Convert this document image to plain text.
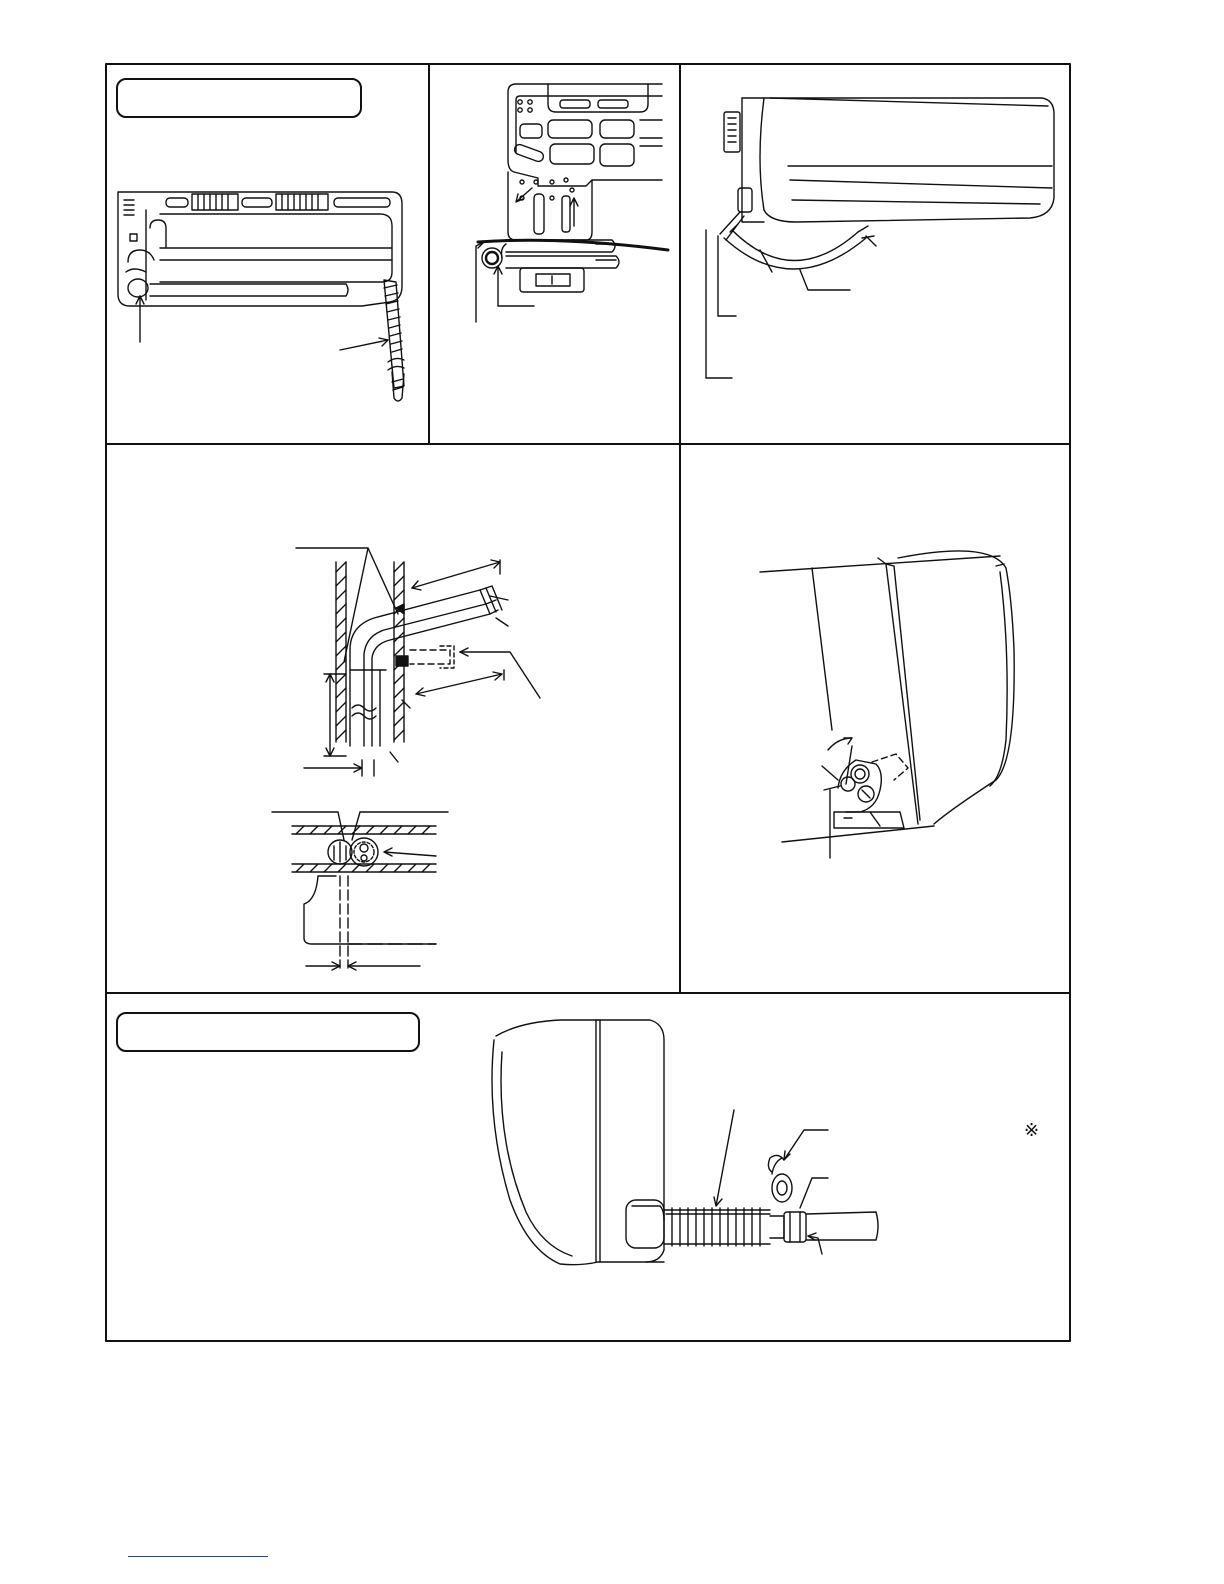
※
